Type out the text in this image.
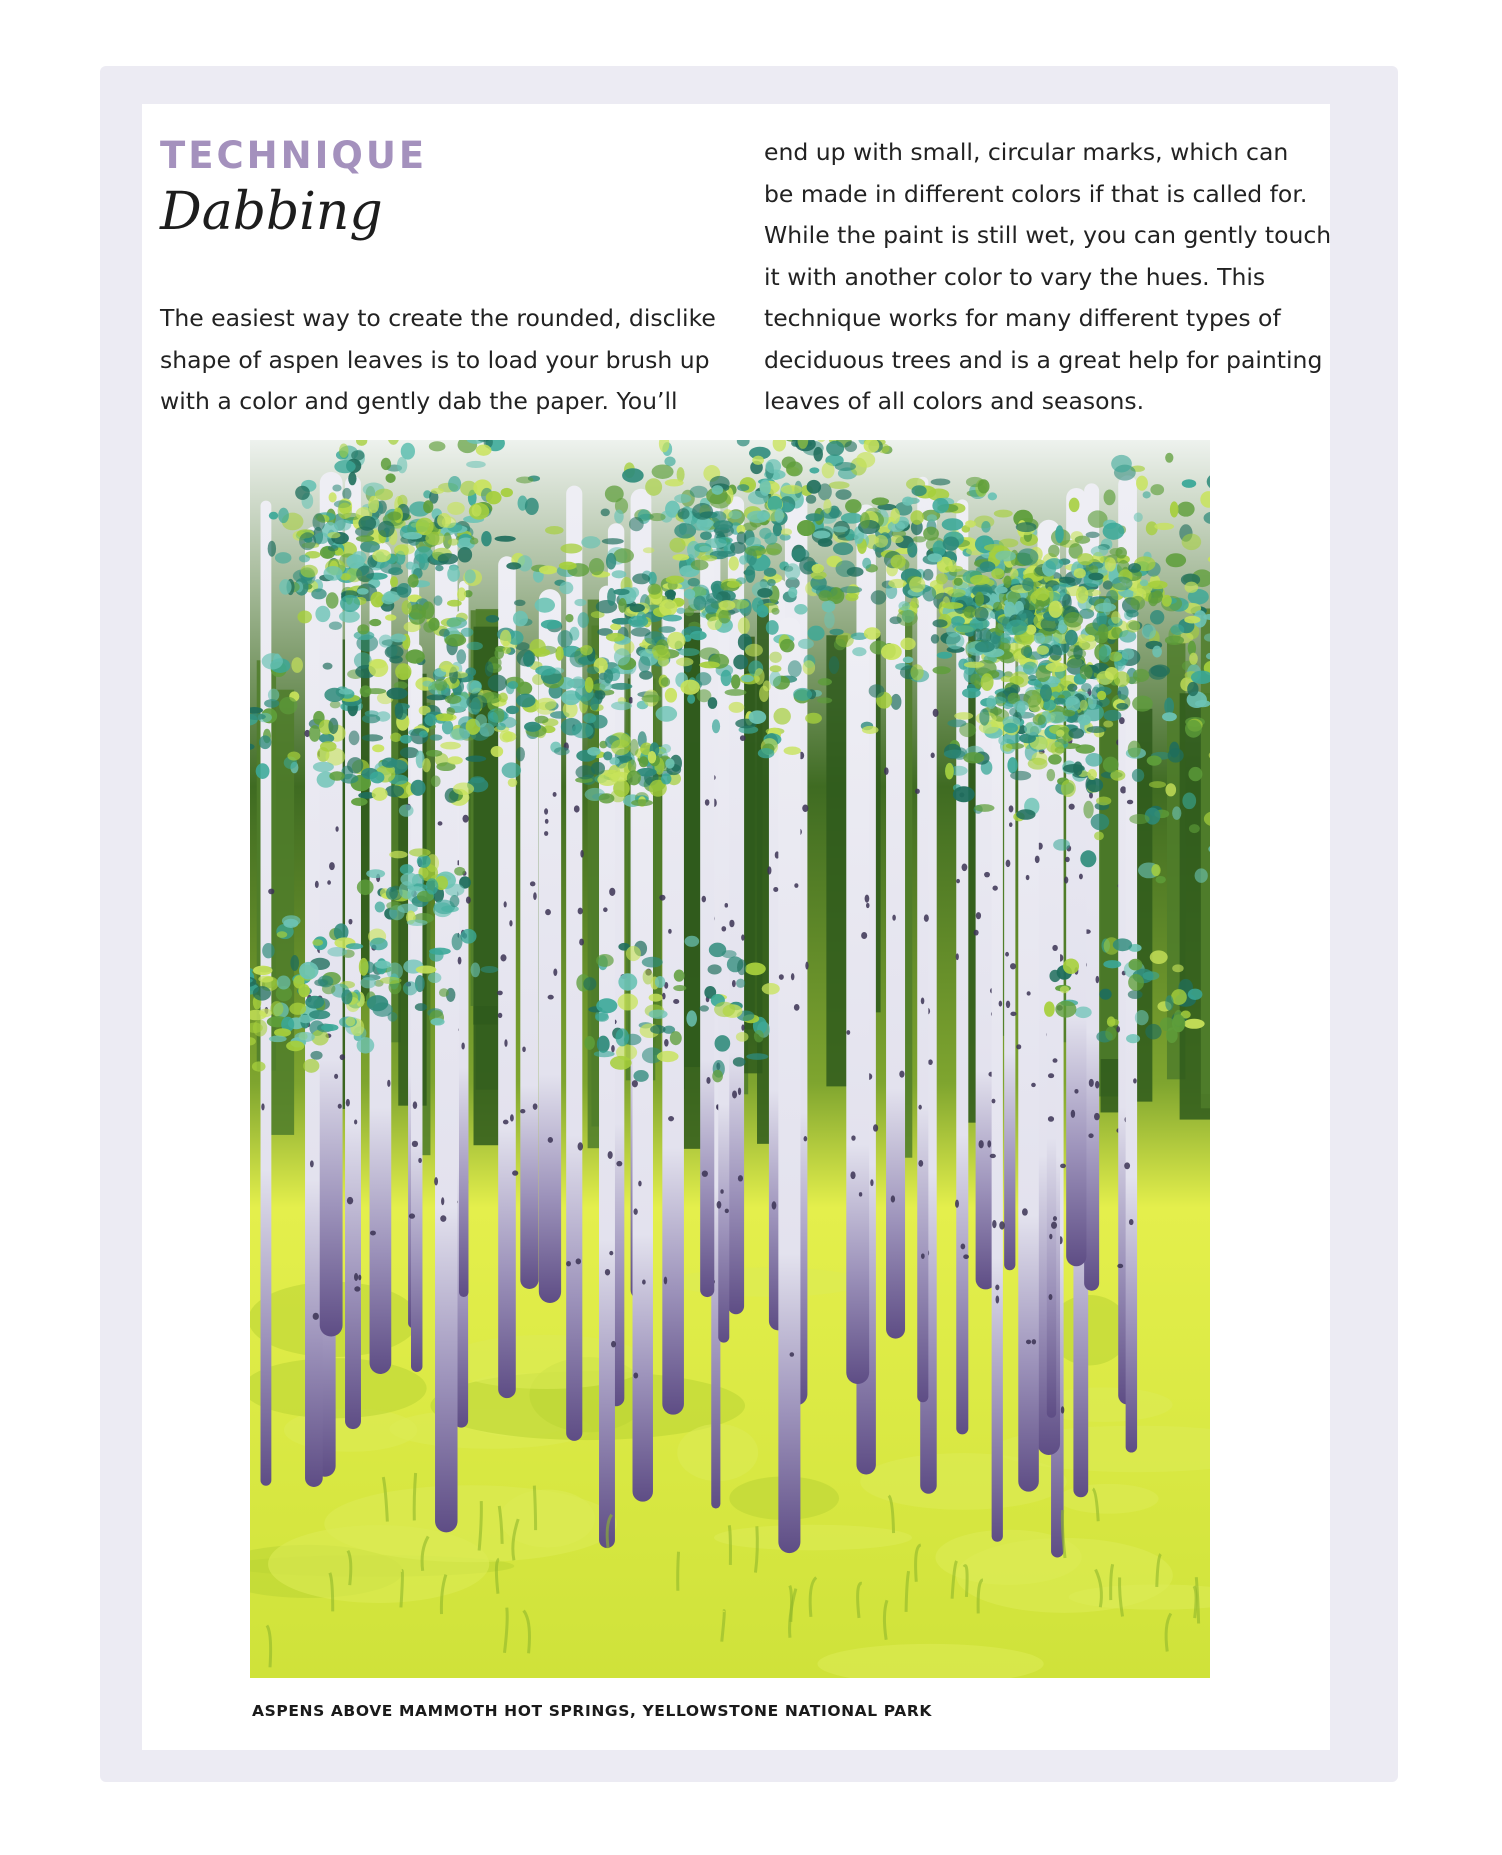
TECHNIQUE
Dabbing
The easiest way to create the rounded, disclike
shape of aspen leaves is to load your brush up
with a color and gently dab the paper. You’ll
end up with small, circular marks, which can
be made in different colors if that is called for.
While the paint is still wet, you can gently touch
it with another color to vary the hues. This
technique works for many different types of
deciduous trees and is a great help for painting
leaves of all colors and seasons.
ASPENS ABOVE MAMMOTH HOT SPRINGS, YELLOWSTONE NATIONAL PARK
